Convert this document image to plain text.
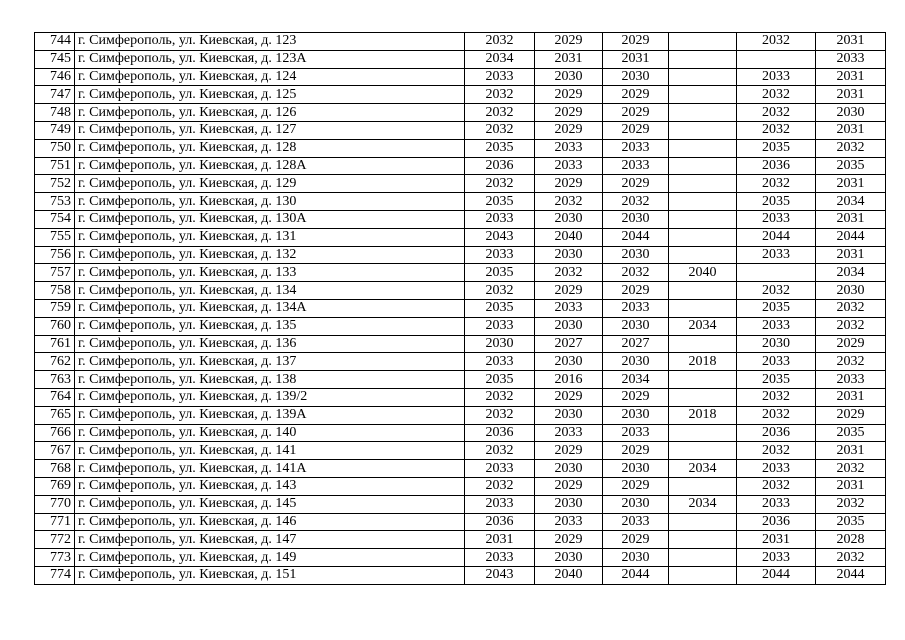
744	г. Симферополь, ул. Киевская, д. 123	2032	2029	2029		2032	2031
745	г. Симферополь, ул. Киевская, д. 123А	2034	2031	2031			2033
746	г. Симферополь, ул. Киевская, д. 124	2033	2030	2030		2033	2031
747	г. Симферополь, ул. Киевская, д. 125	2032	2029	2029		2032	2031
748	г. Симферополь, ул. Киевская, д. 126	2032	2029	2029		2032	2030
749	г. Симферополь, ул. Киевская, д. 127	2032	2029	2029		2032	2031
750	г. Симферополь, ул. Киевская, д. 128	2035	2033	2033		2035	2032
751	г. Симферополь, ул. Киевская, д. 128А	2036	2033	2033		2036	2035
752	г. Симферополь, ул. Киевская, д. 129	2032	2029	2029		2032	2031
753	г. Симферополь, ул. Киевская, д. 130	2035	2032	2032		2035	2034
754	г. Симферополь, ул. Киевская, д. 130А	2033	2030	2030		2033	2031
755	г. Симферополь, ул. Киевская, д. 131	2043	2040	2044		2044	2044
756	г. Симферополь, ул. Киевская, д. 132	2033	2030	2030		2033	2031
757	г. Симферополь, ул. Киевская, д. 133	2035	2032	2032	2040		2034
758	г. Симферополь, ул. Киевская, д. 134	2032	2029	2029		2032	2030
759	г. Симферополь, ул. Киевская, д. 134А	2035	2033	2033		2035	2032
760	г. Симферополь, ул. Киевская, д. 135	2033	2030	2030	2034	2033	2032
761	г. Симферополь, ул. Киевская, д. 136	2030	2027	2027		2030	2029
762	г. Симферополь, ул. Киевская, д. 137	2033	2030	2030	2018	2033	2032
763	г. Симферополь, ул. Киевская, д. 138	2035	2016	2034		2035	2033
764	г. Симферополь, ул. Киевская, д. 139/2	2032	2029	2029		2032	2031
765	г. Симферополь, ул. Киевская, д. 139А	2032	2030	2030	2018	2032	2029
766	г. Симферополь, ул. Киевская, д. 140	2036	2033	2033		2036	2035
767	г. Симферополь, ул. Киевская, д. 141	2032	2029	2029		2032	2031
768	г. Симферополь, ул. Киевская, д. 141А	2033	2030	2030	2034	2033	2032
769	г. Симферополь, ул. Киевская, д. 143	2032	2029	2029		2032	2031
770	г. Симферополь, ул. Киевская, д. 145	2033	2030	2030	2034	2033	2032
771	г. Симферополь, ул. Киевская, д. 146	2036	2033	2033		2036	2035
772	г. Симферополь, ул. Киевская, д. 147	2031	2029	2029		2031	2028
773	г. Симферополь, ул. Киевская, д. 149	2033	2030	2030		2033	2032
774	г. Симферополь, ул. Киевская, д. 151	2043	2040	2044		2044	2044
